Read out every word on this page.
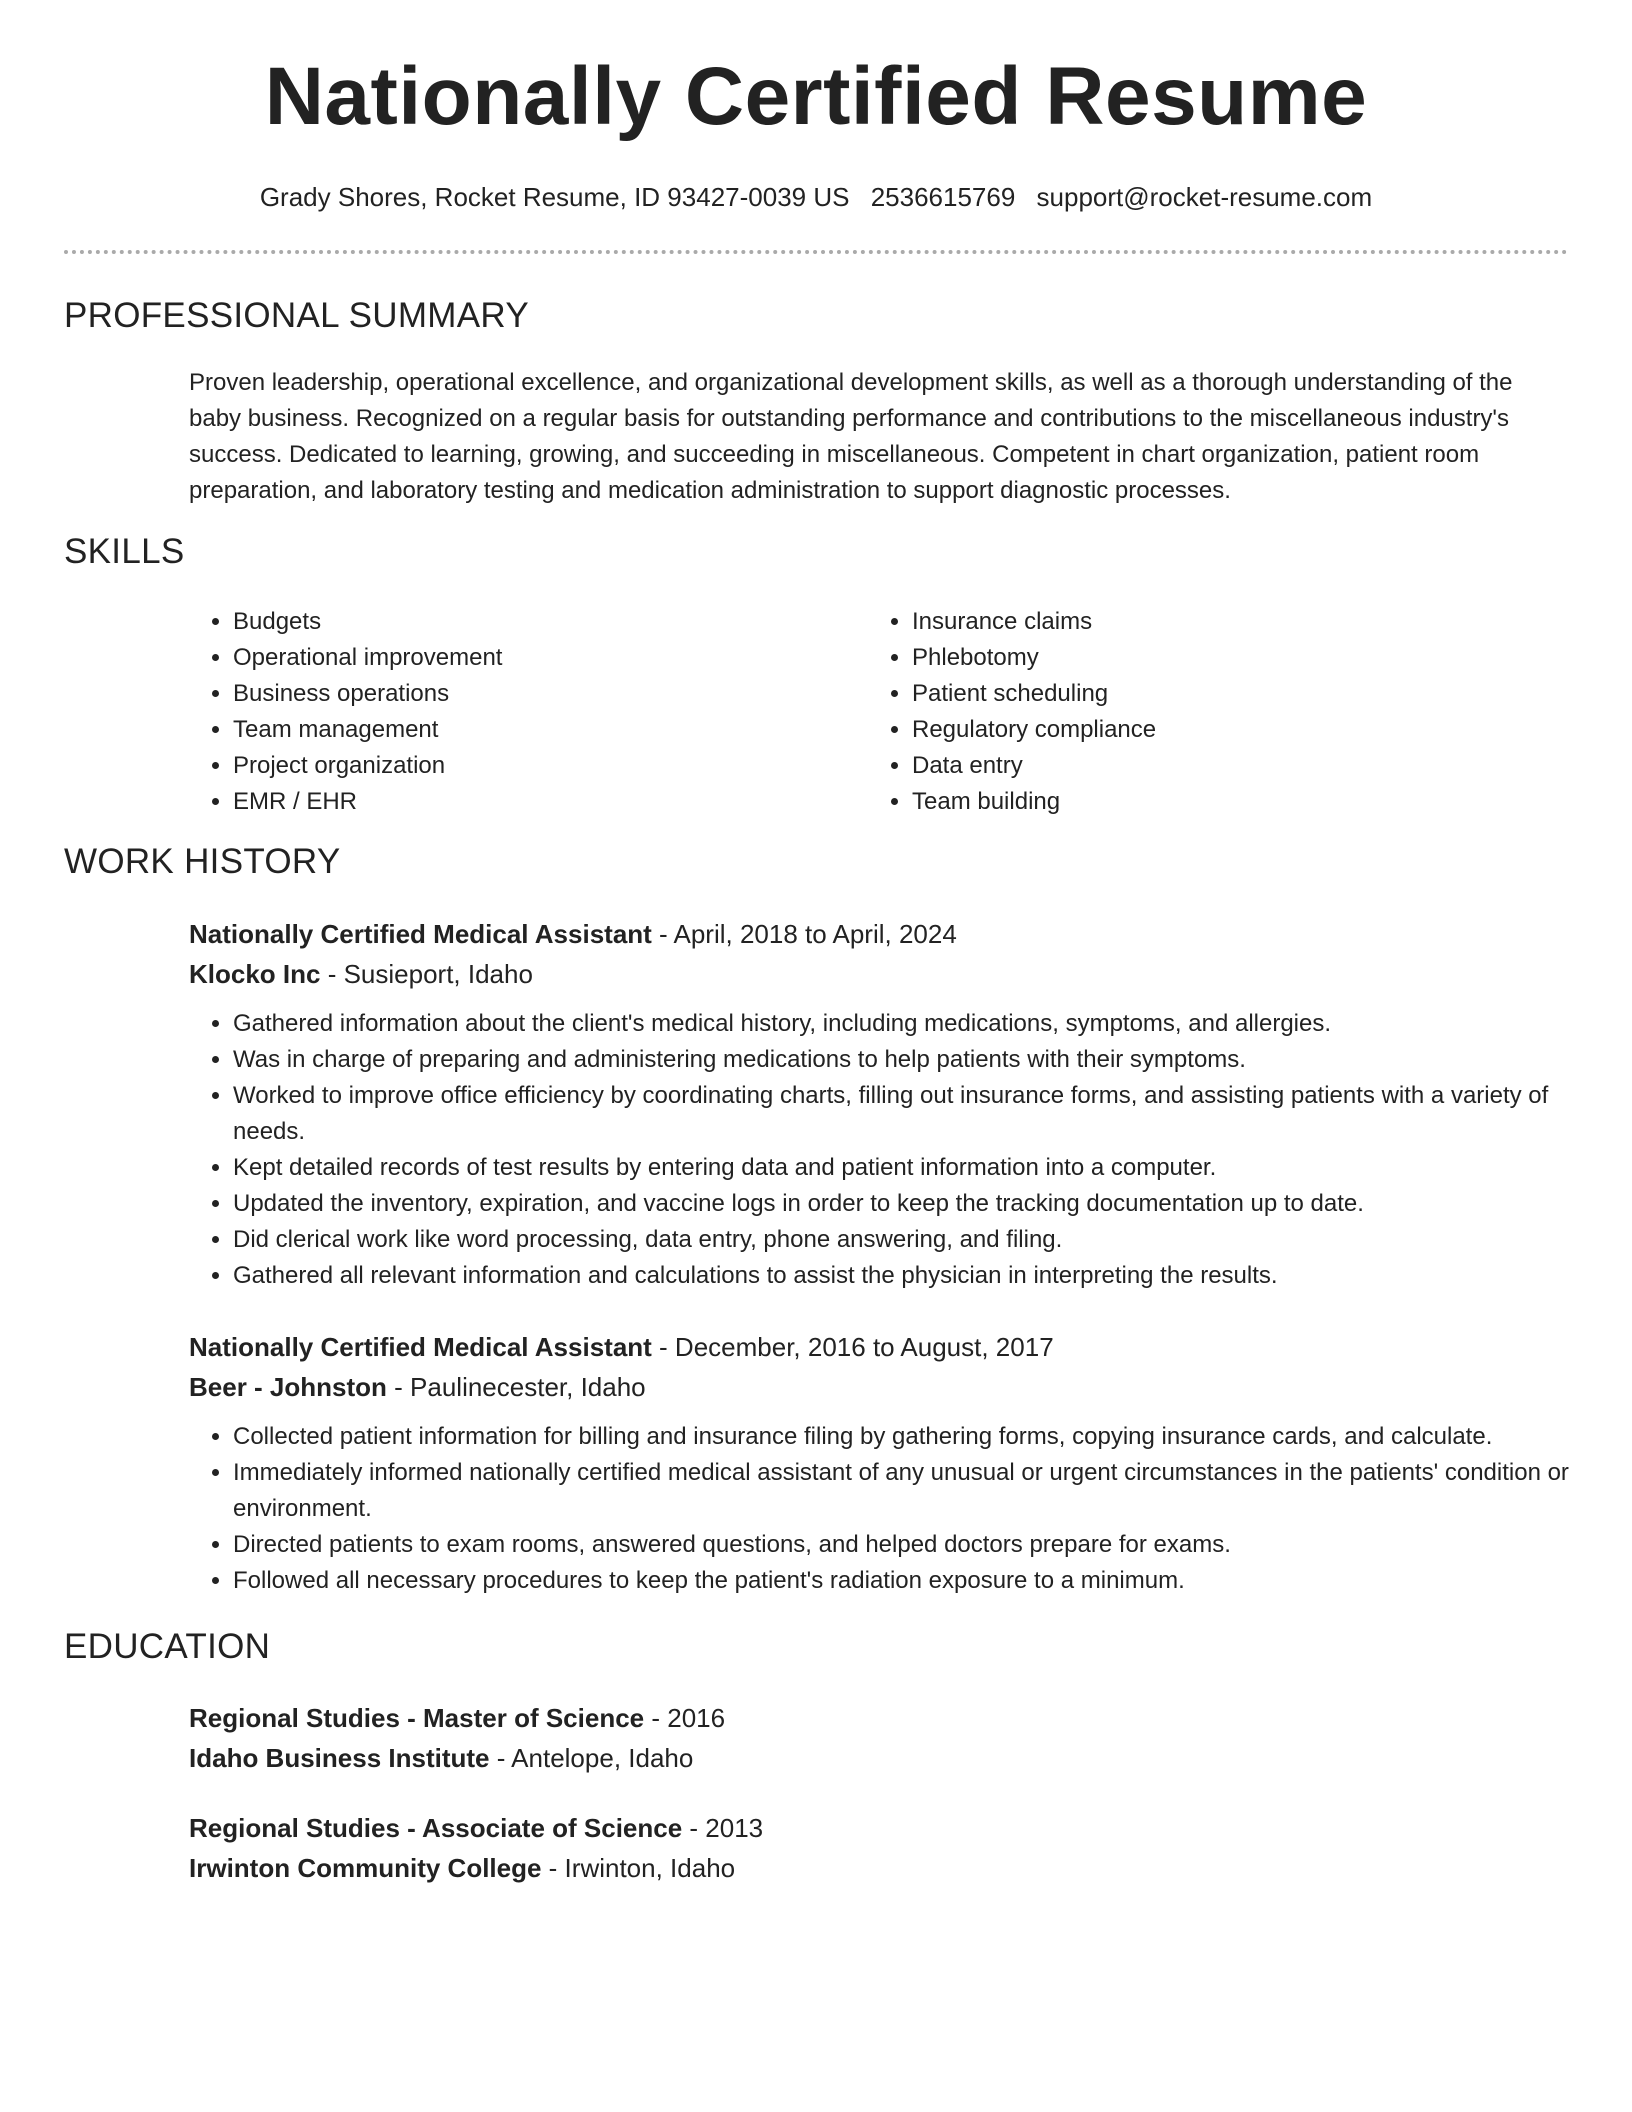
Nationally Certified Resume
Grady Shores, Rocket Resume, ID 93427-0039 US 2536615769 support@rocket-resume.com
PROFESSIONAL SUMMARY
Proven leadership, operational excellence, and organizational development skills, as well as a thorough understanding of the baby business. Recognized on a regular basis for outstanding performance and contributions to the miscellaneous industry's success. Dedicated to learning, growing, and succeeding in miscellaneous. Competent in chart organization, patient room preparation, and laboratory testing and medication administration to support diagnostic processes.
SKILLS
• Budgets
• Operational improvement
• Business operations
• Team management
• Project organization
• EMR / EHR
• Insurance claims
• Phlebotomy
• Patient scheduling
• Regulatory compliance
• Data entry
• Team building
WORK HISTORY
Nationally Certified Medical Assistant - April, 2018 to April, 2024
Klocko Inc - Susieport, Idaho
• Gathered information about the client's medical history, including medications, symptoms, and allergies.
• Was in charge of preparing and administering medications to help patients with their symptoms.
• Worked to improve office efficiency by coordinating charts, filling out insurance forms, and assisting patients with a variety of needs.
• Kept detailed records of test results by entering data and patient information into a computer.
• Updated the inventory, expiration, and vaccine logs in order to keep the tracking documentation up to date.
• Did clerical work like word processing, data entry, phone answering, and filing.
• Gathered all relevant information and calculations to assist the physician in interpreting the results.
Nationally Certified Medical Assistant - December, 2016 to August, 2017
Beer - Johnston - Paulinecester, Idaho
• Collected patient information for billing and insurance filing by gathering forms, copying insurance cards, and calculate.
• Immediately informed nationally certified medical assistant of any unusual or urgent circumstances in the patients' condition or environment.
• Directed patients to exam rooms, answered questions, and helped doctors prepare for exams.
• Followed all necessary procedures to keep the patient's radiation exposure to a minimum.
EDUCATION
Regional Studies - Master of Science - 2016
Idaho Business Institute - Antelope, Idaho
Regional Studies - Associate of Science - 2013
Irwinton Community College - Irwinton, Idaho
